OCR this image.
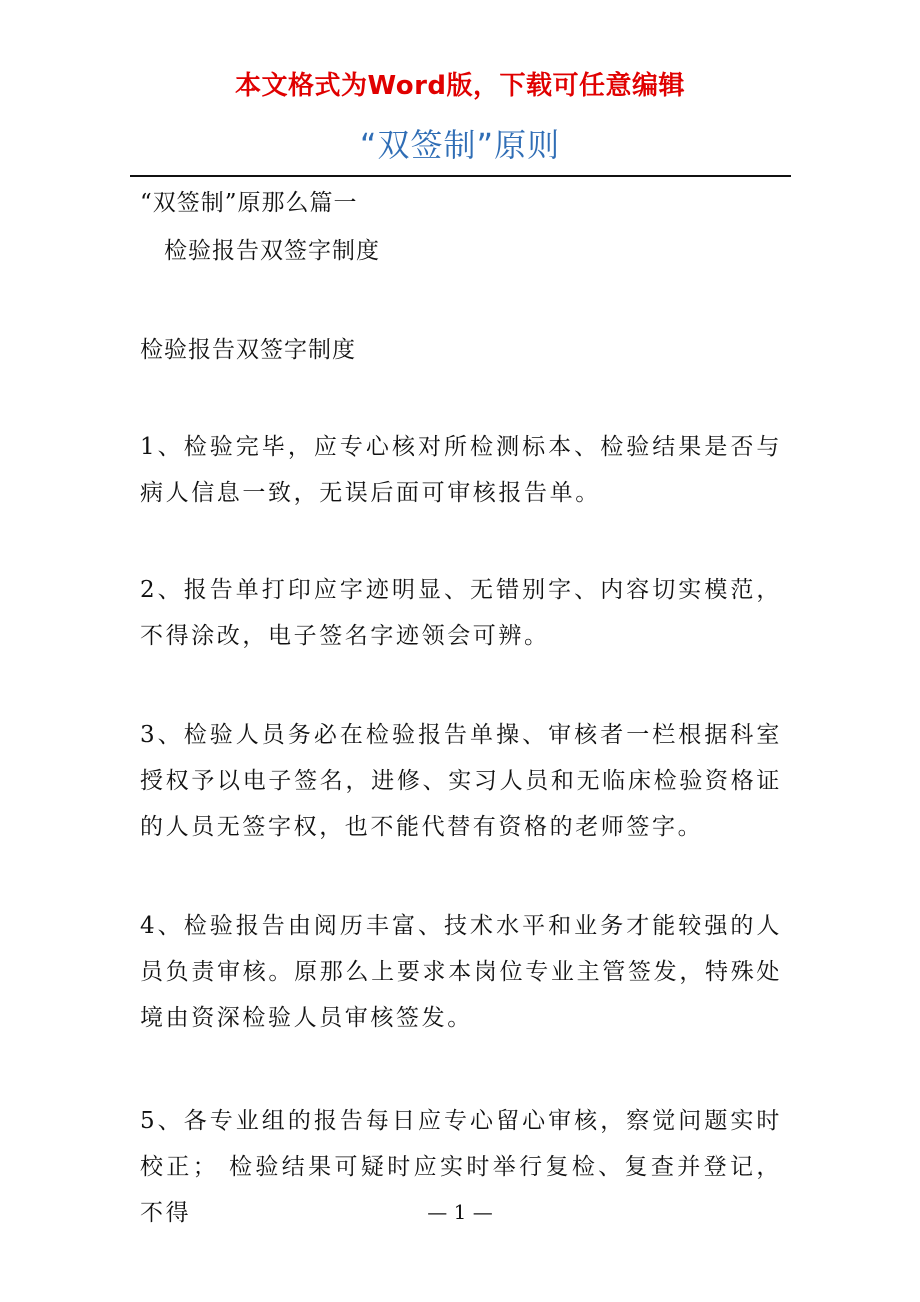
本文格式为Word版，下载可任意编辑
“双签制”原则
“双签制”原那么篇一
检验报告双签字制度
检验报告双签字制度
1、检验完毕，应专心核对所检测标本、检验结果是否与病人信息一致，无误后面可审核报告单。
2、报告单打印应字迹明显、无错别字、内容切实模范，不得涂改，电子签名字迹领会可辨。
3、检验人员务必在检验报告单操、审核者一栏根据科室授权予以电子签名，进修、实习人员和无临床检验资格证的人员无签字权，也不能代替有资格的老师签字。
4、检验报告由阅历丰富、技术水平和业务才能较强的人员负责审核。原那么上要求本岗位专业主管签发，特殊处境由资深检验人员审核签发。
5、各专业组的报告每日应专心留心审核，察觉问题实时校正； 检验结果可疑时应实时举行复检、复查并登记，不得	— 1 —
